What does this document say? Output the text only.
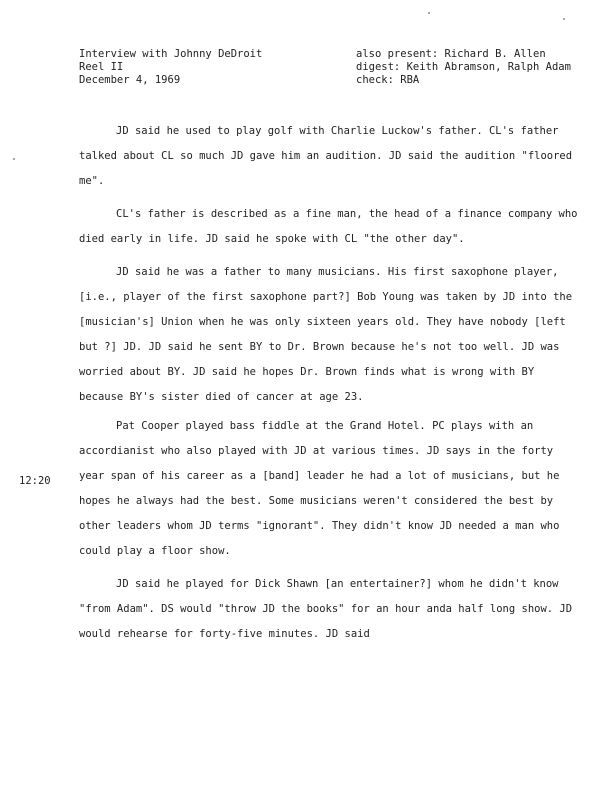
Interview with Johnny DeDroit
Reel II
December 4, 1969
also present: Richard B. Allen
digest: Keith Abramson, Ralph Adam
check: RBA
12:20

JD said he used to play golf with Charlie Luckow's father. CL's father talked about CL so much JD gave him an audition. JD said the audition "floored me".

CL's father is described as a fine man, the head of a finance company who died early in life. JD said he spoke with CL "the other day".

JD said he was a father to many musicians. His first saxophone player, [i.e., player of the first saxophone part?] Bob Young was taken by JD into the [musician's] Union when he was only sixteen years old. They have nobody [left but ?] JD. JD said he sent BY to Dr. Brown because he's not too well. JD was worried about BY. JD said he hopes Dr. Brown finds what is wrong with BY because BY's sister died of cancer at age 23.

Pat Cooper played bass fiddle at the Grand Hotel. PC plays with an accordianist who also played with JD at various times. JD says in the forty year span of his career as a [band] leader he had a lot of musicians, but he hopes he always had the best. Some musicians weren't considered the best by other leaders whom JD terms "ignorant". They didn't know JD needed a man who could play a floor show.

JD said he played for Dick Shawn [an entertainer?] whom he didn't know "from Adam". DS would "throw JD the books" for an hour anda half long show. JD would rehearse for forty-five minutes. JD said
